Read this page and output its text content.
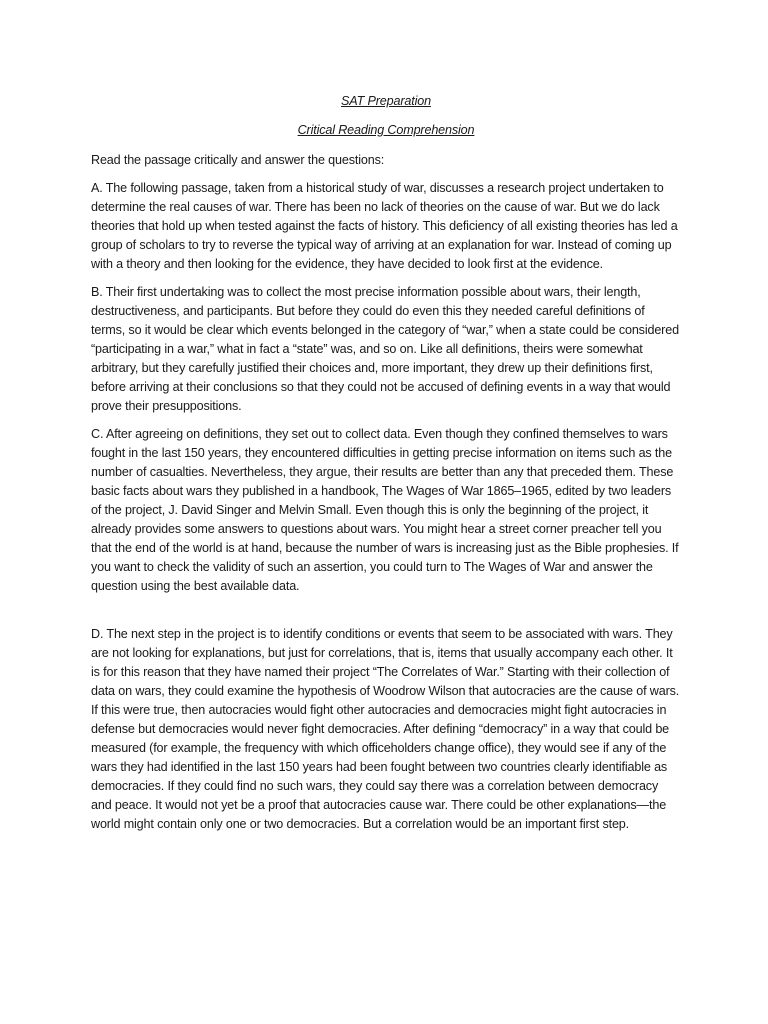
SAT Preparation
Critical Reading Comprehension

Read the passage critically and answer the questions:

A. The following passage, taken from a historical study of war, discusses a research project undertaken to determine the real causes of war. There has been no lack of theories on the cause of war. But we do lack theories that hold up when tested against the facts of history. This deficiency of all existing theories has led a group of scholars to try to reverse the typical way of arriving at an explanation for war. Instead of coming up with a theory and then looking for the evidence, they have decided to look first at the evidence.

B. Their first undertaking was to collect the most precise information possible about wars, their length, destructiveness, and participants. But before they could do even this they needed careful definitions of terms, so it would be clear which events belonged in the category of “war,” when a state could be considered “participating in a war,” what in fact a “state” was, and so on. Like all definitions, theirs were somewhat arbitrary, but they carefully justified their choices and, more important, they drew up their definitions first, before arriving at their conclusions so that they could not be accused of defining events in a way that would prove their presuppositions.

C. After agreeing on definitions, they set out to collect data. Even though they confined themselves to wars fought in the last 150 years, they encountered difficulties in getting precise information on items such as the number of casualties. Nevertheless, they argue, their results are better than any that preceded them. These basic facts about wars they published in a handbook, The Wages of War 1865–1965, edited by two leaders of the project, J. David Singer and Melvin Small. Even though this is only the beginning of the project, it already provides some answers to questions about wars. You might hear a street corner preacher tell you that the end of the world is at hand, because the number of wars is increasing just as the Bible prophesies. If you want to check the validity of such an assertion, you could turn to The Wages of War and answer the question using the best available data.

D. The next step in the project is to identify conditions or events that seem to be associated with wars. They are not looking for explanations, but just for correlations, that is, items that usually accompany each other. It is for this reason that they have named their project “The Correlates of War.” Starting with their collection of data on wars, they could examine the hypothesis of Woodrow Wilson that autocracies are the cause of wars. If this were true, then autocracies would fight other autocracies and democracies might fight autocracies in defense but democracies would never fight democracies. After defining “democracy” in a way that could be measured (for example, the frequency with which officeholders change office), they would see if any of the wars they had identified in the last 150 years had been fought between two countries clearly identifiable as democracies. If they could find no such wars, they could say there was a correlation between democracy and peace. It would not yet be a proof that autocracies cause war. There could be other explanations—the world might contain only one or two democracies. But a correlation would be an important first step.
